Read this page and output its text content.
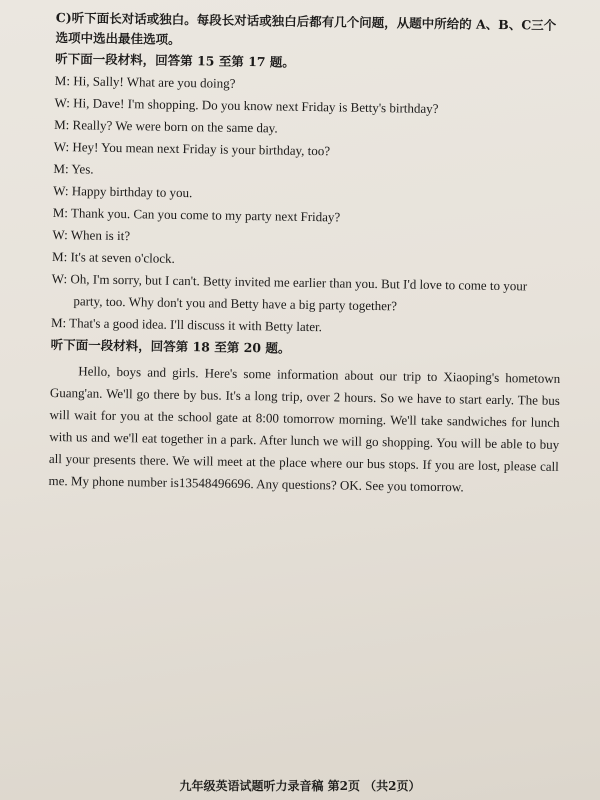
C)听下面长对话或独白。每段长对话或独白后都有几个问题，从题中所给的 A、B、C三个选项中选出最佳选项。
听下面一段材料，回答第 15 至第 17 题。
M: Hi, Sally! What are you doing?
W: Hi, Dave! I'm shopping. Do you know next Friday is Betty's birthday?
M: Really? We were born on the same day.
W: Hey! You mean next Friday is your birthday, too?
M: Yes.
W: Happy birthday to you.
M: Thank you. Can you come to my party next Friday?
W: When is it?
M: It's at seven o'clock.
W: Oh, I'm sorry, but I can't. Betty invited me earlier than you. But I'd love to come to your
party, too. Why don't you and Betty have a big party together?
M: That's a good idea. I'll discuss it with Betty later.
听下面一段材料，回答第 18 至第 20 题。

Hello, boys and girls. Here's some information about our trip to Xiaoping's hometown Guang'an. We'll go there by bus. It's a long trip, over 2 hours. So we have to start early. The bus will wait for you at the school gate at 8:00 tomorrow morning. We'll take sandwiches for lunch with us and we'll eat together in a park. After lunch we will go shopping. You will be able to buy all your presents there. We will meet at the place where our bus stops. If you are lost, please call me. My phone number is13548496696. Any questions? OK. See you tomorrow.

九年级英语试题听力录音稿 第2页 （共2页）
